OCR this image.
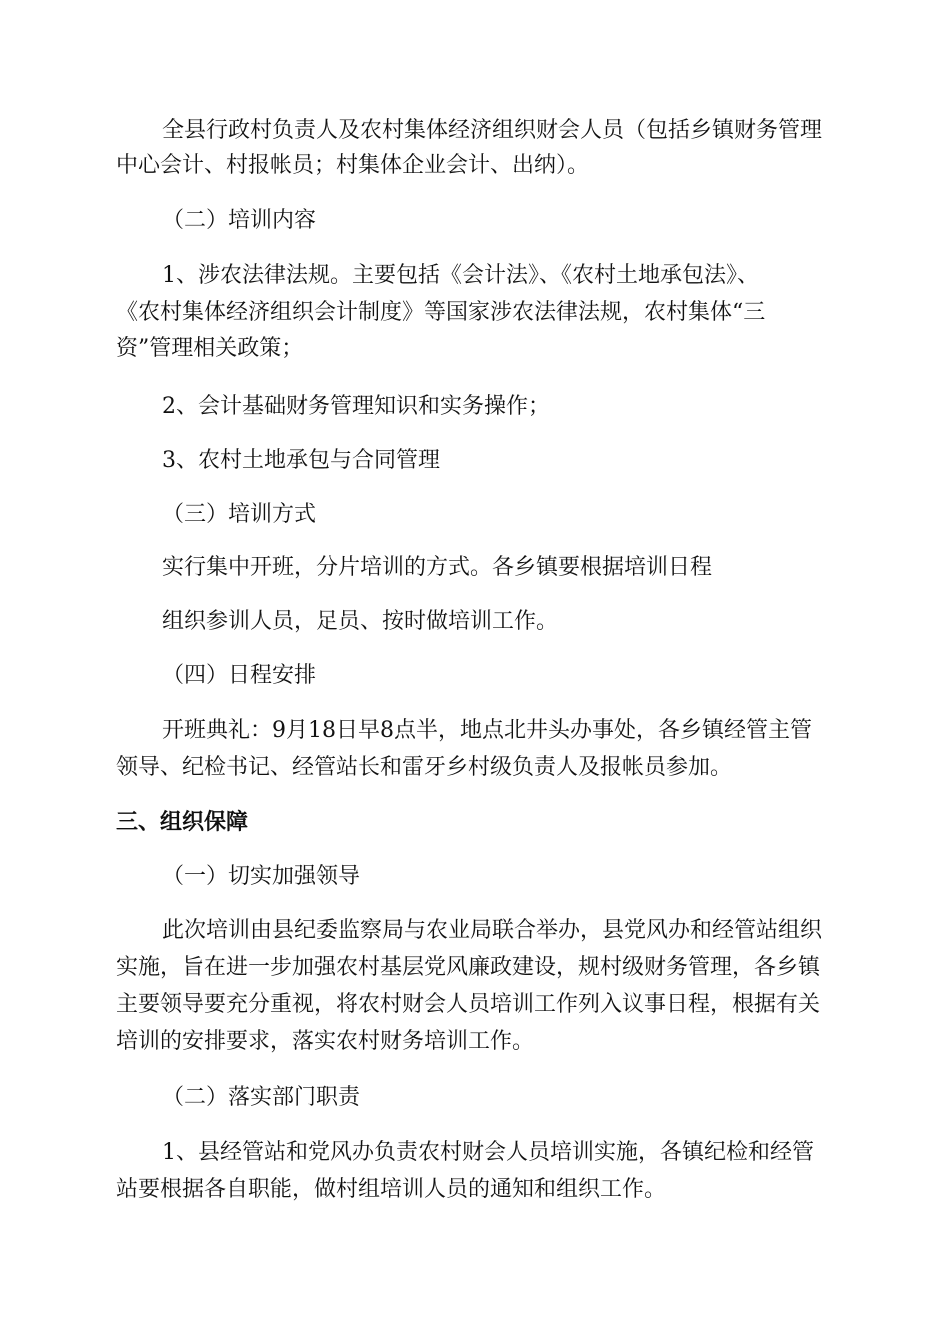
全县行政村负责人及农村集体经济组织财会人员（包括乡镇财务管理
中心会计、村报帐员；村集体企业会计、出纳）。
（二）培训内容
1、涉农法律法规。主要包括《会计法》、《农村土地承包法》、
《农村集体经济组织会计制度》等国家涉农法律法规，农村集体“三
资”管理相关政策；
2、会计基础财务管理知识和实务操作；
3、农村土地承包与合同管理
（三）培训方式
实行集中开班，分片培训的方式。各乡镇要根据培训日程
组织参训人员，足员、按时做培训工作。
（四）日程安排
开班典礼：9月18日早8点半，地点北井头办事处，各乡镇经管主管
领导、纪检书记、经管站长和雷牙乡村级负责人及报帐员参加。
三、组织保障
（一）切实加强领导
此次培训由县纪委监察局与农业局联合举办，县党风办和经管站组织
实施，旨在进一步加强农村基层党风廉政建设，规村级财务管理，各乡镇
主要领导要充分重视，将农村财会人员培训工作列入议事日程，根据有关
培训的安排要求，落实农村财务培训工作。
（二）落实部门职责
1、县经管站和党风办负责农村财会人员培训实施，各镇纪检和经管
站要根据各自职能，做村组培训人员的通知和组织工作。
